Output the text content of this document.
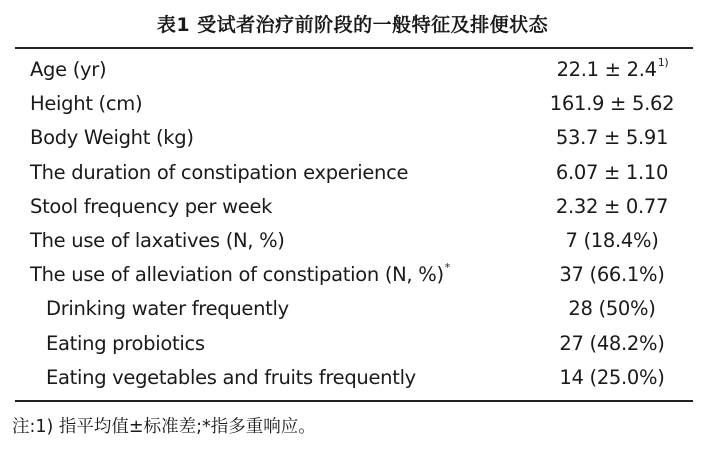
表1 受试者治疗前阶段的一般特征及排便状态
Age (yr)	$22.1 \pm 2.4^{1)}$
Height (cm)	161.9 ± 5.62
Body Weight (kg)	53.7 ± 5.91
The duration of constipation experience	6.07 ± 1.10
Stool frequency per week	2.32 ± 0.77
The use of laxatives (N, %)	7 (18.4%)
The use of alleviation of constipation (N, %)*	37 (66.1%)
Drinking water frequently	28 (50%)
Eating probiotics	27 (48.2%)
Eating vegetables and fruits frequently	14 (25.0%)
注:1) 指平均值±标准差;*指多重响应。
